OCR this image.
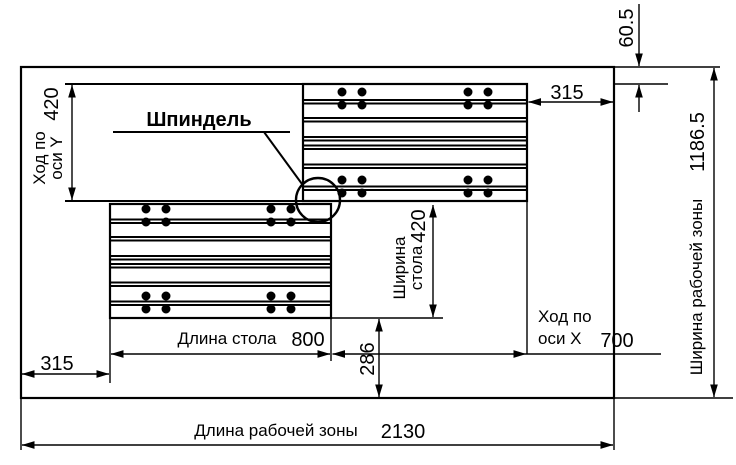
Шпиндель
Ход по
оси Y
420
60.5
315
315
Длина стола 800
Ход по
оси X 700
Ширина
стола
420
286	Ширина рабочей зоны
1186.5
Длина рабочей зоны 2130
